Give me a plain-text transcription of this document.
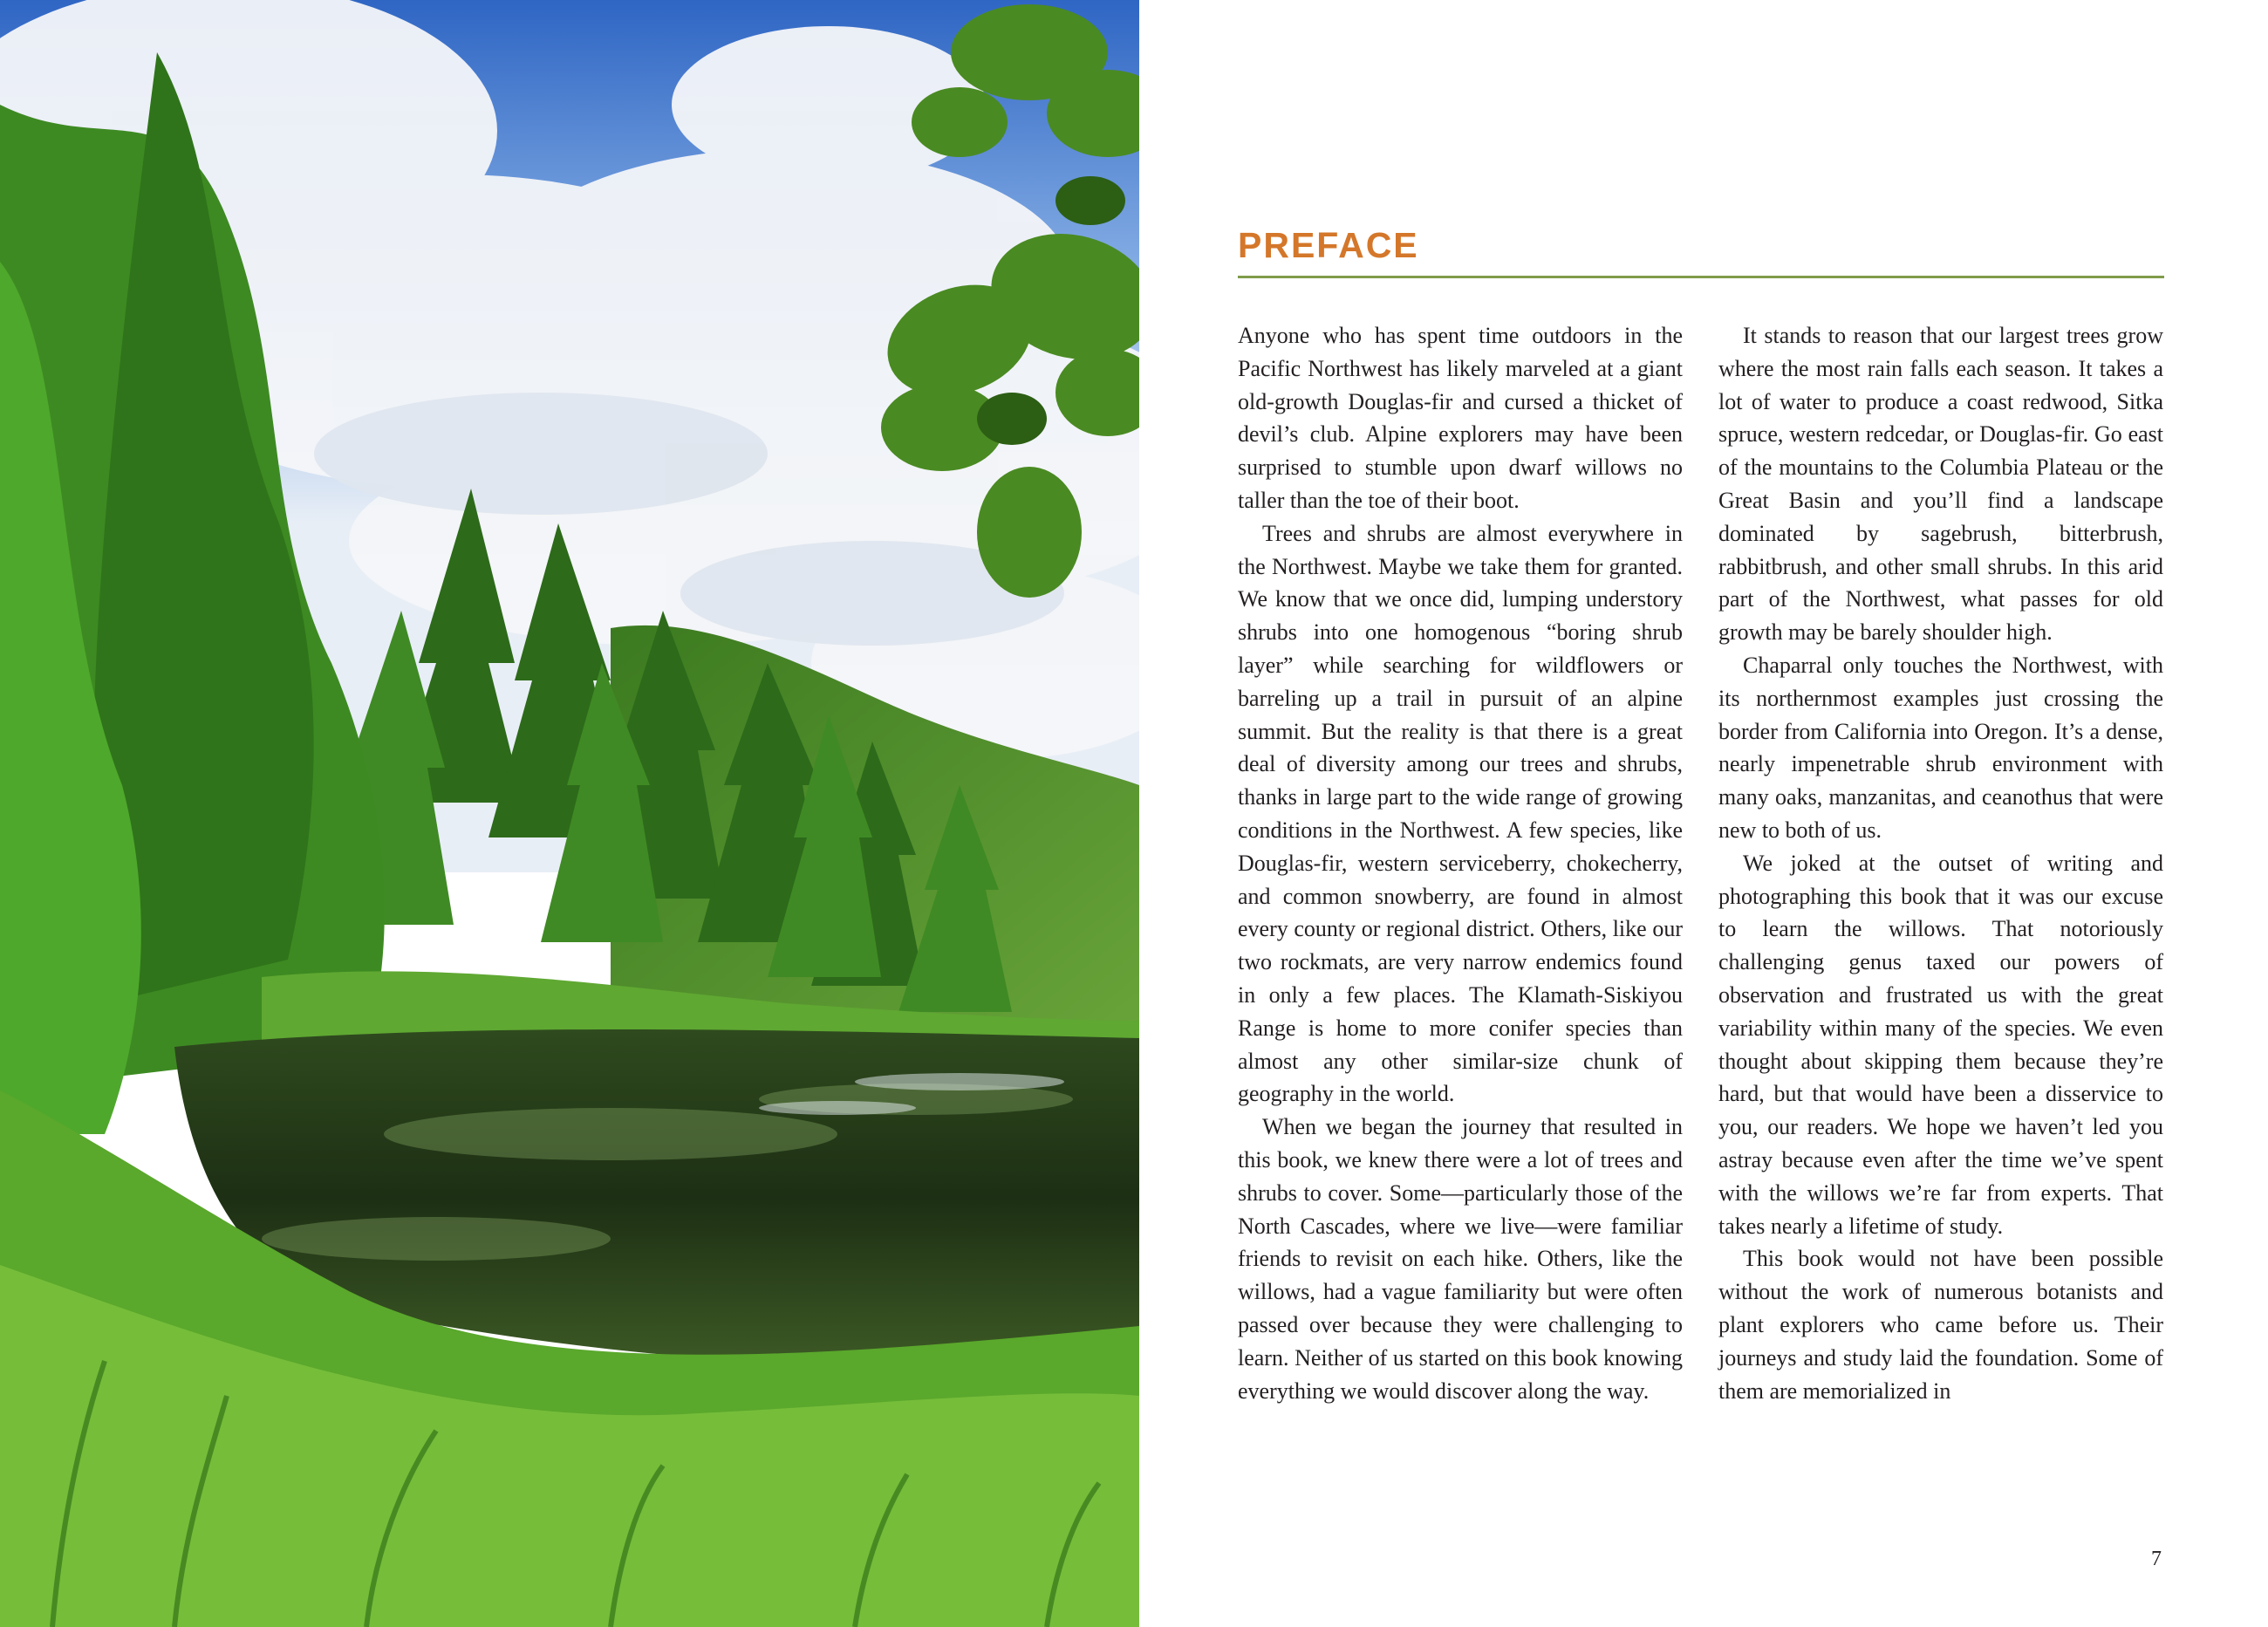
PREFACE

Anyone who has spent time outdoors in the Pacific Northwest has likely marveled at a giant old-growth Douglas-fir and cursed a thicket of devil’s club. Alpine explorers may have been surprised to stumble upon dwarf willows no taller than the toe of their boot.

Trees and shrubs are almost everywhere in the Northwest. Maybe we take them for granted. We know that we once did, lumping understory shrubs into one homogenous “boring shrub layer” while searching for wildflowers or barreling up a trail in pursuit of an alpine summit. But the reality is that there is a great deal of diversity among our trees and shrubs, thanks in large part to the wide range of growing conditions in the Northwest. A few species, like Douglas-fir, western serviceberry, chokecherry, and common snowberry, are found in almost every county or regional district. Others, like our two rockmats, are very narrow endemics found in only a few places. The Klamath-Siskiyou Range is home to more conifer species than almost any other similar-size chunk of geography in the world.

When we began the journey that resulted in this book, we knew there were a lot of trees and shrubs to cover. Some—particularly those of the North Cascades, where we live—were familiar friends to revisit on each hike. Others, like the willows, had a vague familiarity but were often passed over because they were challenging to learn. Neither of us started on this book knowing everything we would discover along the way.

It stands to reason that our largest trees grow where the most rain falls each season. It takes a lot of water to produce a coast redwood, Sitka spruce, western redcedar, or Douglas-fir. Go east of the mountains to the Columbia Plateau or the Great Basin and you’ll find a landscape dominated by sagebrush, bitterbrush, rabbitbrush, and other small shrubs. In this arid part of the Northwest, what passes for old growth may be barely shoulder high.

Chaparral only touches the Northwest, with its northernmost examples just crossing the border from California into Oregon. It’s a dense, nearly impenetrable shrub environment with many oaks, manzanitas, and ceanothus that were new to both of us.

We joked at the outset of writing and photographing this book that it was our excuse to learn the willows. That notoriously challenging genus taxed our powers of observation and frustrated us with the great variability within many of the species. We even thought about skipping them because they’re hard, but that would have been a disservice to you, our readers. We hope we haven’t led you astray because even after the time we’ve spent with the willows we’re far from experts. That takes nearly a lifetime of study.

This book would not have been possible without the work of numerous botanists and plant explorers who came before us. Their journeys and study laid the foundation. Some of them are memorialized in

7
